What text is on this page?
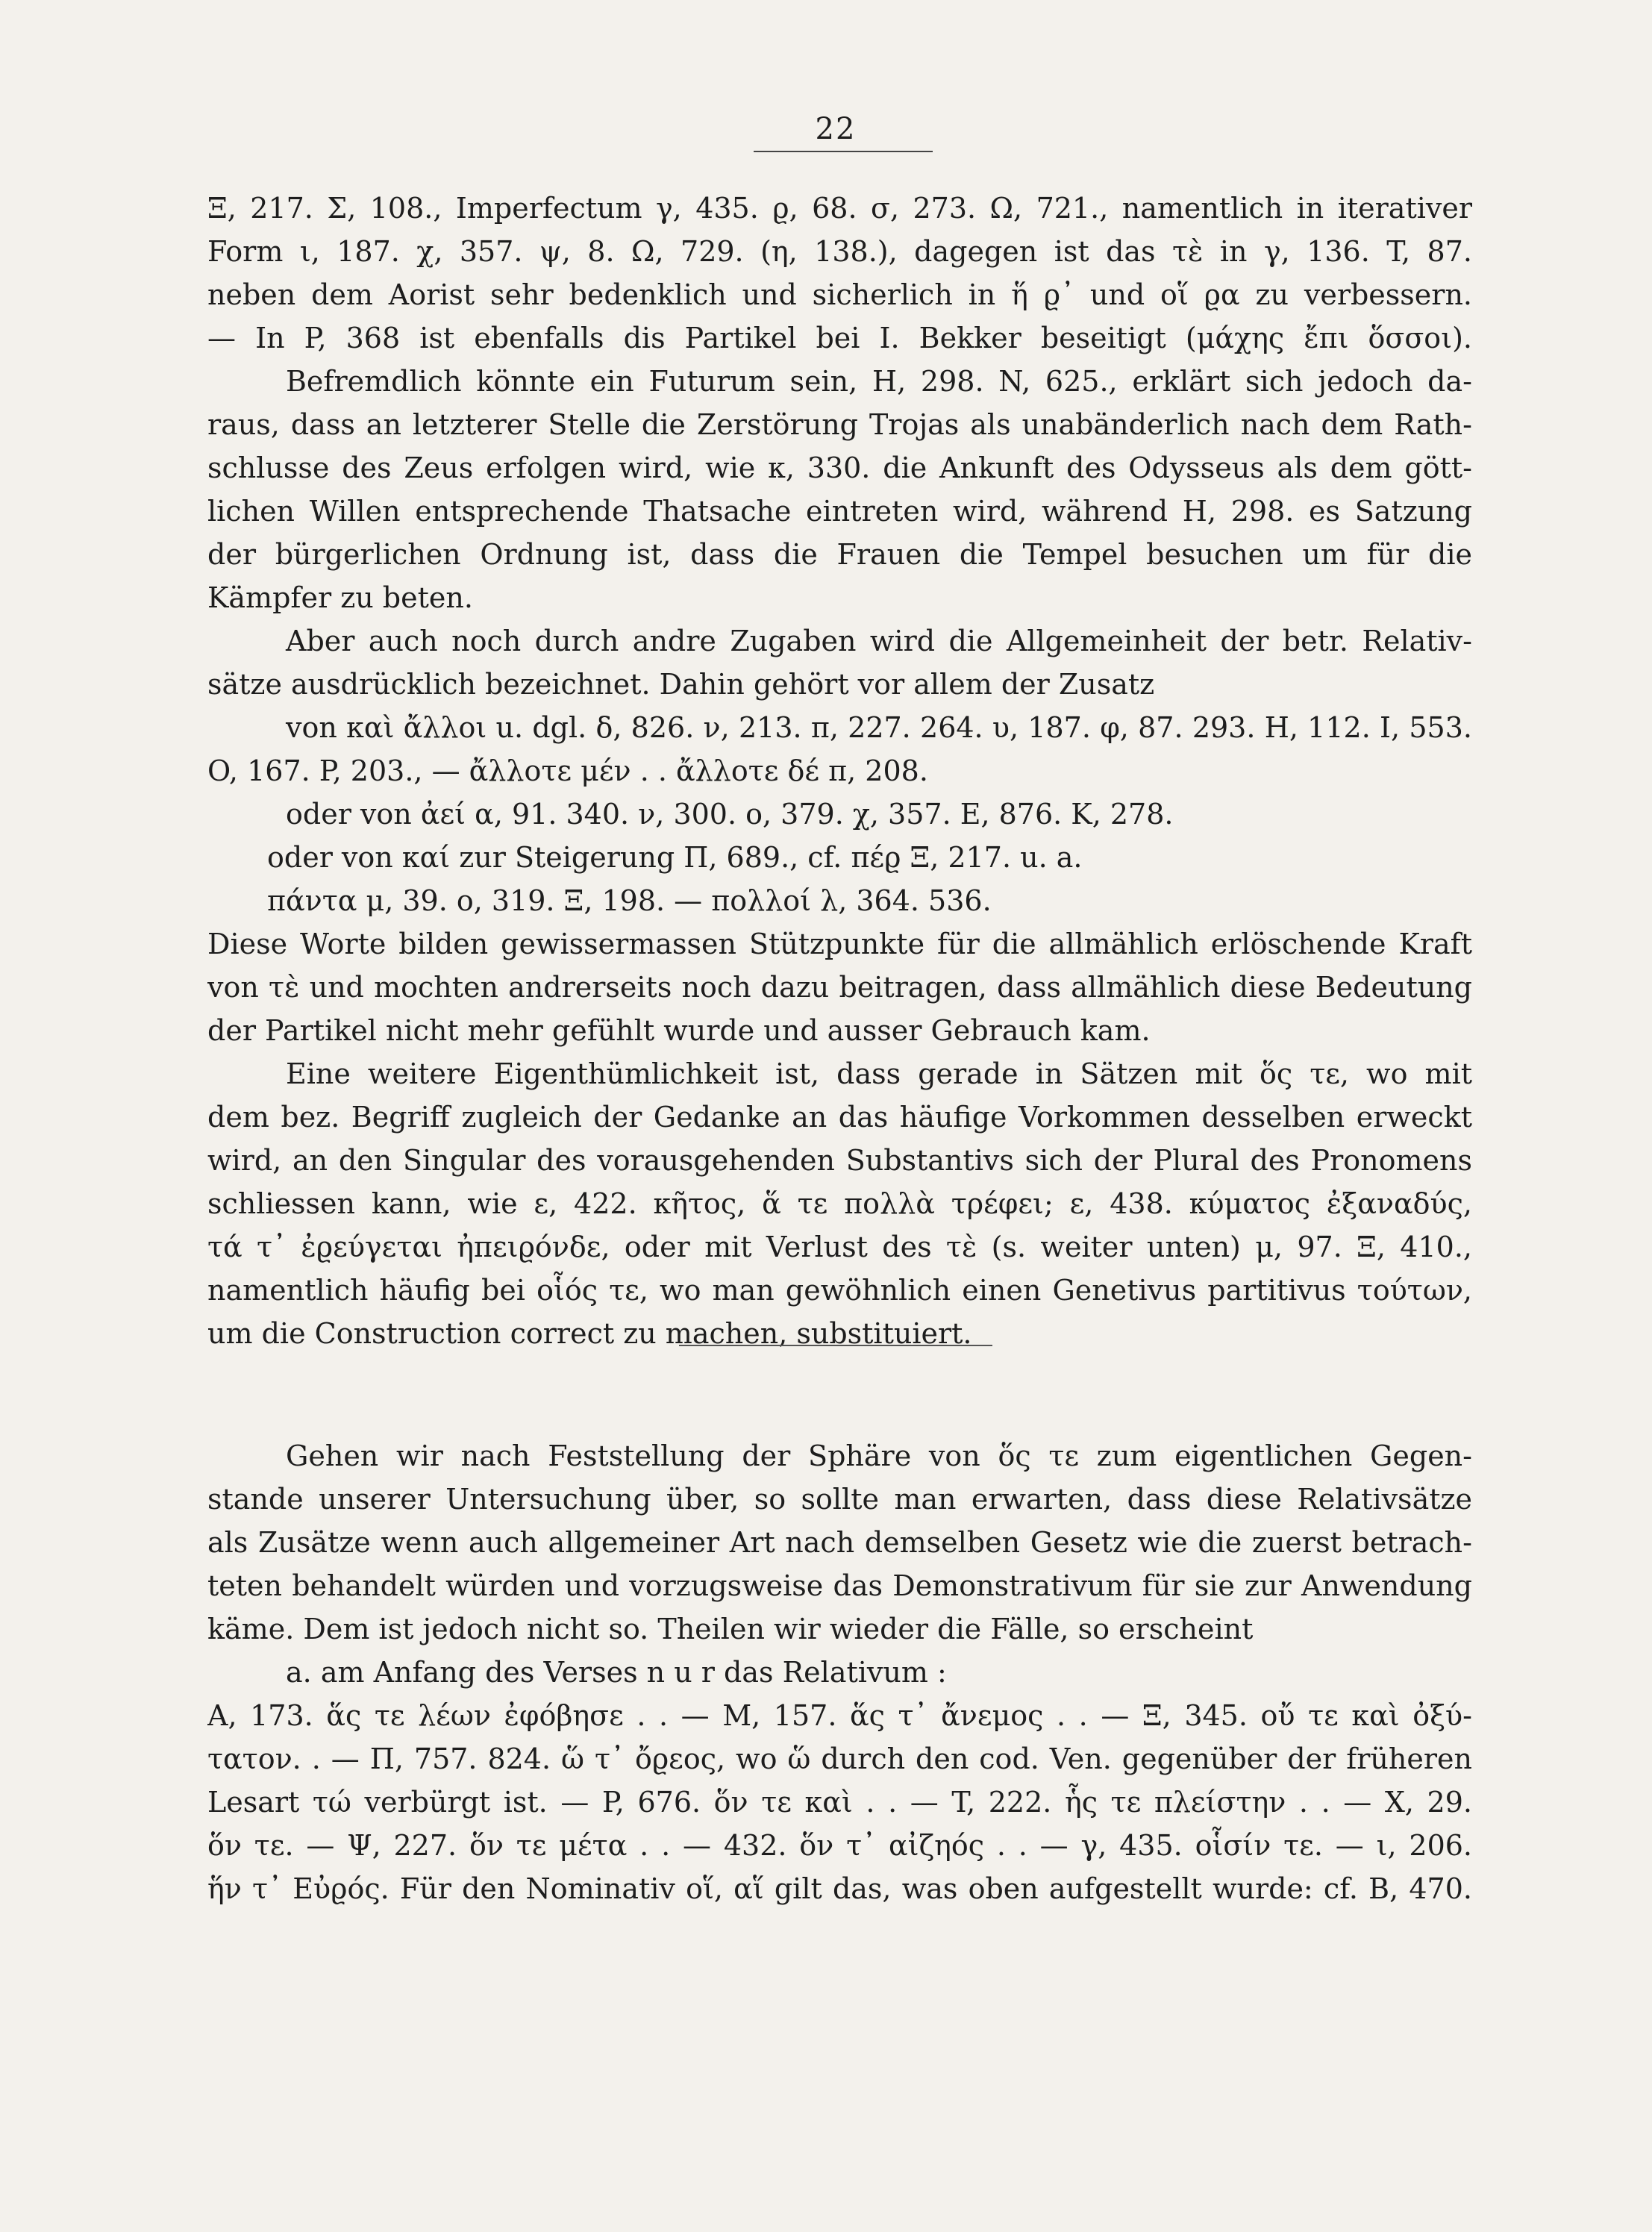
22
Ξ, 217. Σ, 108., Imperfectum γ, 435. ϱ, 68. σ, 273. Ω, 721., namentlich in iterativer
Form ι, 187. χ, 357. ψ, 8. Ω, 729. (η, 138.), dagegen ist das τὲ in γ, 136. T, 87.
neben dem Aorist sehr bedenklich und sicherlich in ἥ ϱ᾿ und οἵ ϱα zu verbessern.
— In P, 368 ist ebenfalls dis Partikel bei I. Bekker beseitigt (μάχης ἔπι ὅσσοι).
Befremdlich könnte ein Futurum sein, H, 298. N, 625., erklärt sich jedoch da-
raus, dass an letzterer Stelle die Zerstörung Trojas als unabänderlich nach dem Rath-
schlusse des Zeus erfolgen wird, wie κ, 330. die Ankunft des Odysseus als dem gött-
lichen Willen entsprechende Thatsache eintreten wird, während H, 298. es Satzung
der bürgerlichen Ordnung ist, dass die Frauen die Tempel besuchen um für die
Kämpfer zu beten.
Aber auch noch durch andre Zugaben wird die Allgemeinheit der betr. Relativ-
sätze ausdrücklich bezeichnet. Dahin gehört vor allem der Zusatz
von καὶ ἄλλοι u. dgl. δ, 826. ν, 213. π, 227. 264. υ, 187. φ, 87. 293. H, 112. I, 553.
O, 167. P, 203., — ἄλλοτε μέν . . ἄλλοτε δέ π, 208.
oder von ἀεί α, 91. 340. ν, 300. ο, 379. χ, 357. E, 876. K, 278.
oder von καί zur Steigerung Π, 689., cf. πέϱ Ξ, 217. u. a.
πάντα μ, 39. ο, 319. Ξ, 198. — πολλοί λ, 364. 536.
Diese Worte bilden gewissermassen Stützpunkte für die allmählich erlöschende Kraft
von τὲ und mochten andrerseits noch dazu beitragen, dass allmählich diese Bedeutung
der Partikel nicht mehr gefühlt wurde und ausser Gebrauch kam.
Eine weitere Eigenthümlichkeit ist, dass gerade in Sätzen mit ὅς τε, wo mit
dem bez. Begriff zugleich der Gedanke an das häufige Vorkommen desselben erweckt
wird, an den Singular des vorausgehenden Substantivs sich der Plural des Pronomens
schliessen kann, wie ε, 422. κῆτος, ἅ τε πολλὰ τρέφει; ε, 438. κύματος ἐξαναδύς,
τά τ᾿ ἐϱεύγεται ἠπειϱόνδε, oder mit Verlust des τὲ (s. weiter unten) μ, 97. Ξ, 410.,
namentlich häufig bei οἷός τε, wo man gewöhnlich einen Genetivus partitivus τούτων,
um die Construction correct zu machen, substituiert.
Gehen wir nach Feststellung der Sphäre von ὅς τε zum eigentlichen Gegen-
stande unserer Untersuchung über, so sollte man erwarten, dass diese Relativsätze
als Zusätze wenn auch allgemeiner Art nach demselben Gesetz wie die zuerst betrach-
teten behandelt würden und vorzugsweise das Demonstrativum für sie zur Anwendung
käme. Dem ist jedoch nicht so. Theilen wir wieder die Fälle, so erscheint
a. am Anfang des Verses n u r das Relativum :
A, 173. ἅς τε λέων ἐφόβησε . . — M, 157. ἅς τ᾿ ἄνεμος . . — Ξ, 345. οὔ τε καὶ ὀξύ-
τατον. . — Π, 757. 824. ὥ τ᾿ ὄϱεος, wo ὥ durch den cod. Ven. gegenüber der früheren
Lesart τώ verbürgt ist. — P, 676. ὅν τε καὶ . . — T, 222. ἧς τε πλείστην . . — X, 29.
ὅν τε. — Ψ, 227. ὅν τε μέτα . . — 432. ὅν τ᾿ αἰζηός . . — γ, 435. οἷσίν τε. — ι, 206.
ἥν τ᾿ Εὐϱός. Für den Nominativ οἵ, αἵ gilt das, was oben aufgestellt wurde: cf. B, 470.
